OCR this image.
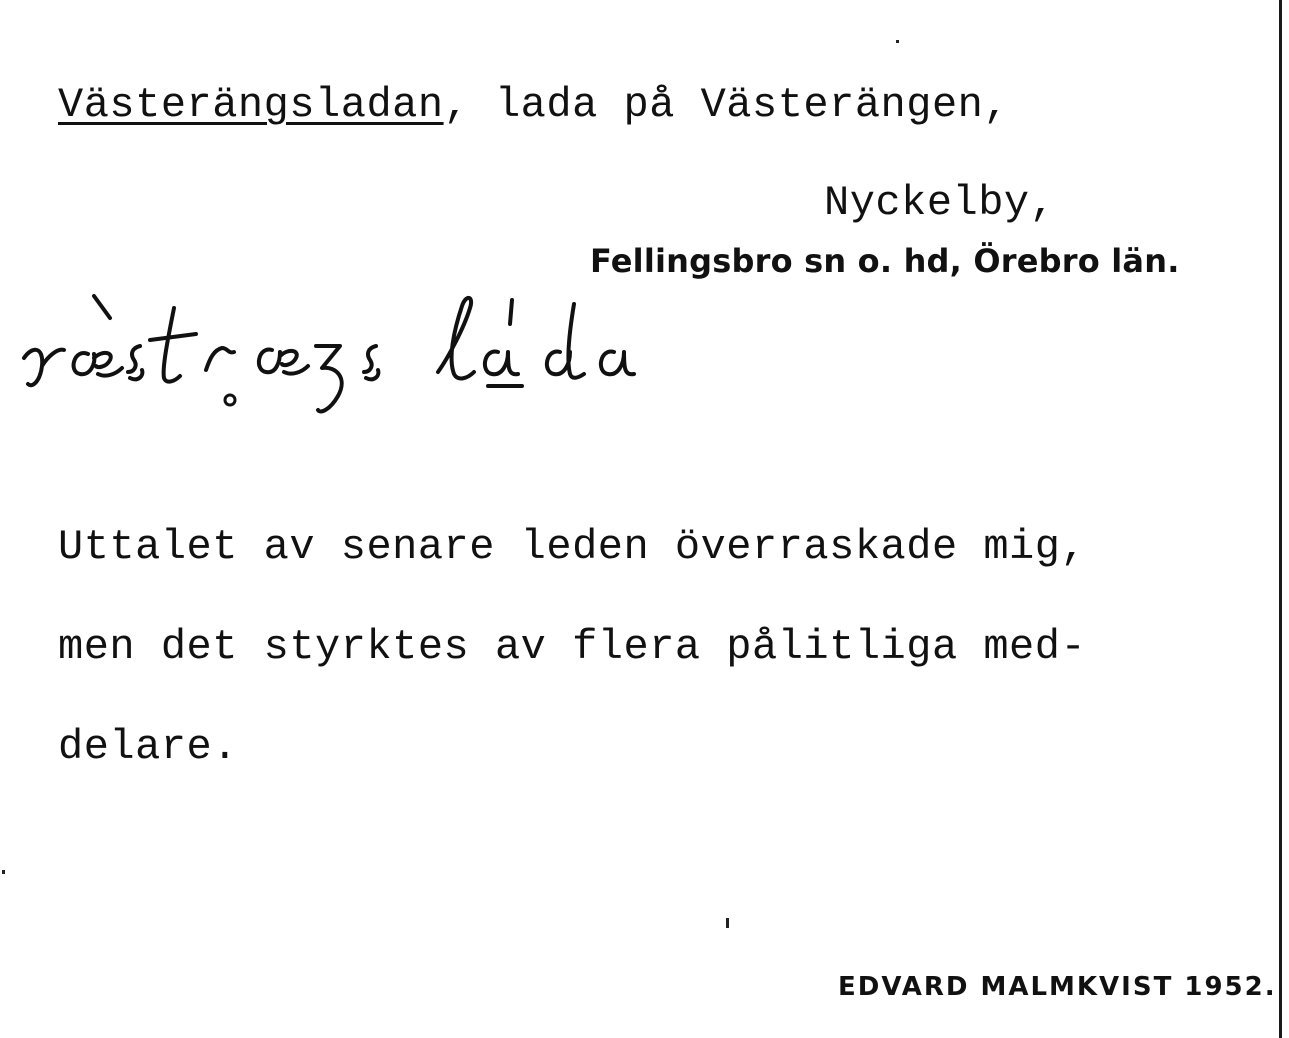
Västerängsladan, lada på Västerängen,
Nyckelby,
Fellingsbro sn o. hd, Örebro län.
Uttalet av senare leden överraskade mig,
men det styrktes av flera pålitliga med-
delare.
EDVARD MALMKVIST 1952.
